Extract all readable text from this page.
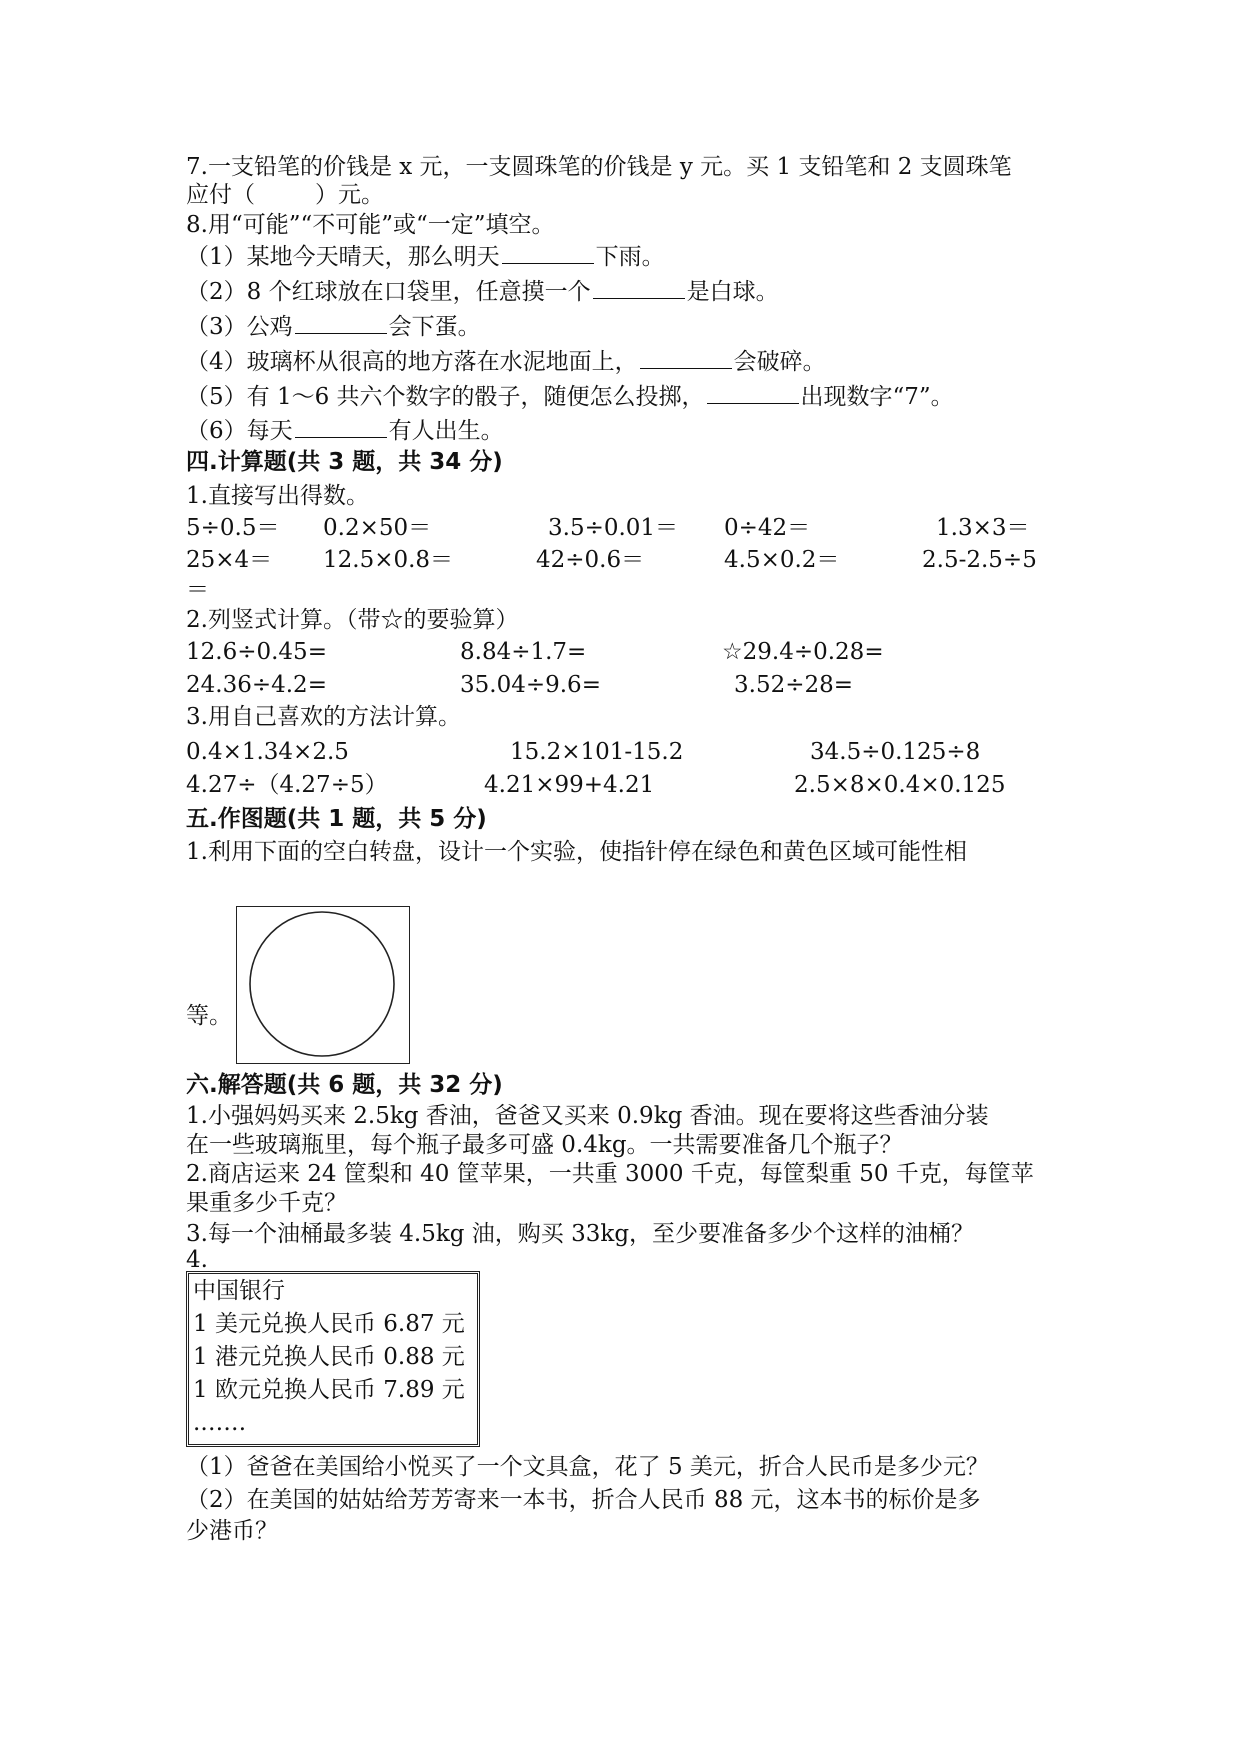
7.一支铅笔的价钱是 x 元，一支圆珠笔的价钱是 y 元。买 1 支铅笔和 2 支圆珠笔
应付（	）元。
8.用“可能”“不可能”或“一定”填空。
（1）某地今天晴天，那么明天	下雨。
（2）8 个红球放在口袋里，任意摸一个	是白球。
（3）公鸡	会下蛋。
（4）玻璃杯从很高的地方落在水泥地面上，	会破碎。
（5）有 1～6 共六个数字的骰子，随便怎么投掷，	出现数字“7”。
（6）每天	有人出生。
四.计算题(共 3 题，共 34 分)
1.直接写出得数。
5÷0.5＝ 0.2×50＝	3.5÷0.01＝ 0÷42＝	1.3×3＝
25×4＝ 12.5×0.8＝	42÷0.6＝	4.5×0.2＝	2.5-2.5÷5
＝
2.列竖式计算。（带☆的要验算）
12.6÷0.45=	8.84÷1.7=	☆29.4÷0.28=
24.36÷4.2=	35.04÷9.6=	3.52÷28=
3.用自己喜欢的方法计算。
0.4×1.34×2.5	15.2×101-15.2	34.5÷0.125÷8
4.27÷（4.27÷5）	4.21×99+4.21	2.5×8×0.4×0.125
五.作图题(共 1 题，共 5 分)
1.利用下面的空白转盘，设计一个实验，使指针停在绿色和黄色区域可能性相
等。
六.解答题(共 6 题，共 32 分)
1.小强妈妈买来 2.5kg 香油，爸爸又买来 0.9kg 香油。现在要将这些香油分装
在一些玻璃瓶里，每个瓶子最多可盛 0.4kg。一共需要准备几个瓶子？
2.商店运来 24 筐梨和 40 筐苹果，一共重 3000 千克，每筐梨重 50 千克，每筐苹
果重多少千克？
3.每一个油桶最多装 4.5kg 油，购买 33kg，至少要准备多少个这样的油桶？
4.
中国银行
1 美元兑换人民币 6.87 元
1 港元兑换人民币 0.88 元
1 欧元兑换人民币 7.89 元
.……
（1）爸爸在美国给小悦买了一个文具盒，花了 5 美元，折合人民币是多少元？
（2）在美国的姑姑给芳芳寄来一本书，折合人民币 88 元，这本书的标价是多
少港币？
